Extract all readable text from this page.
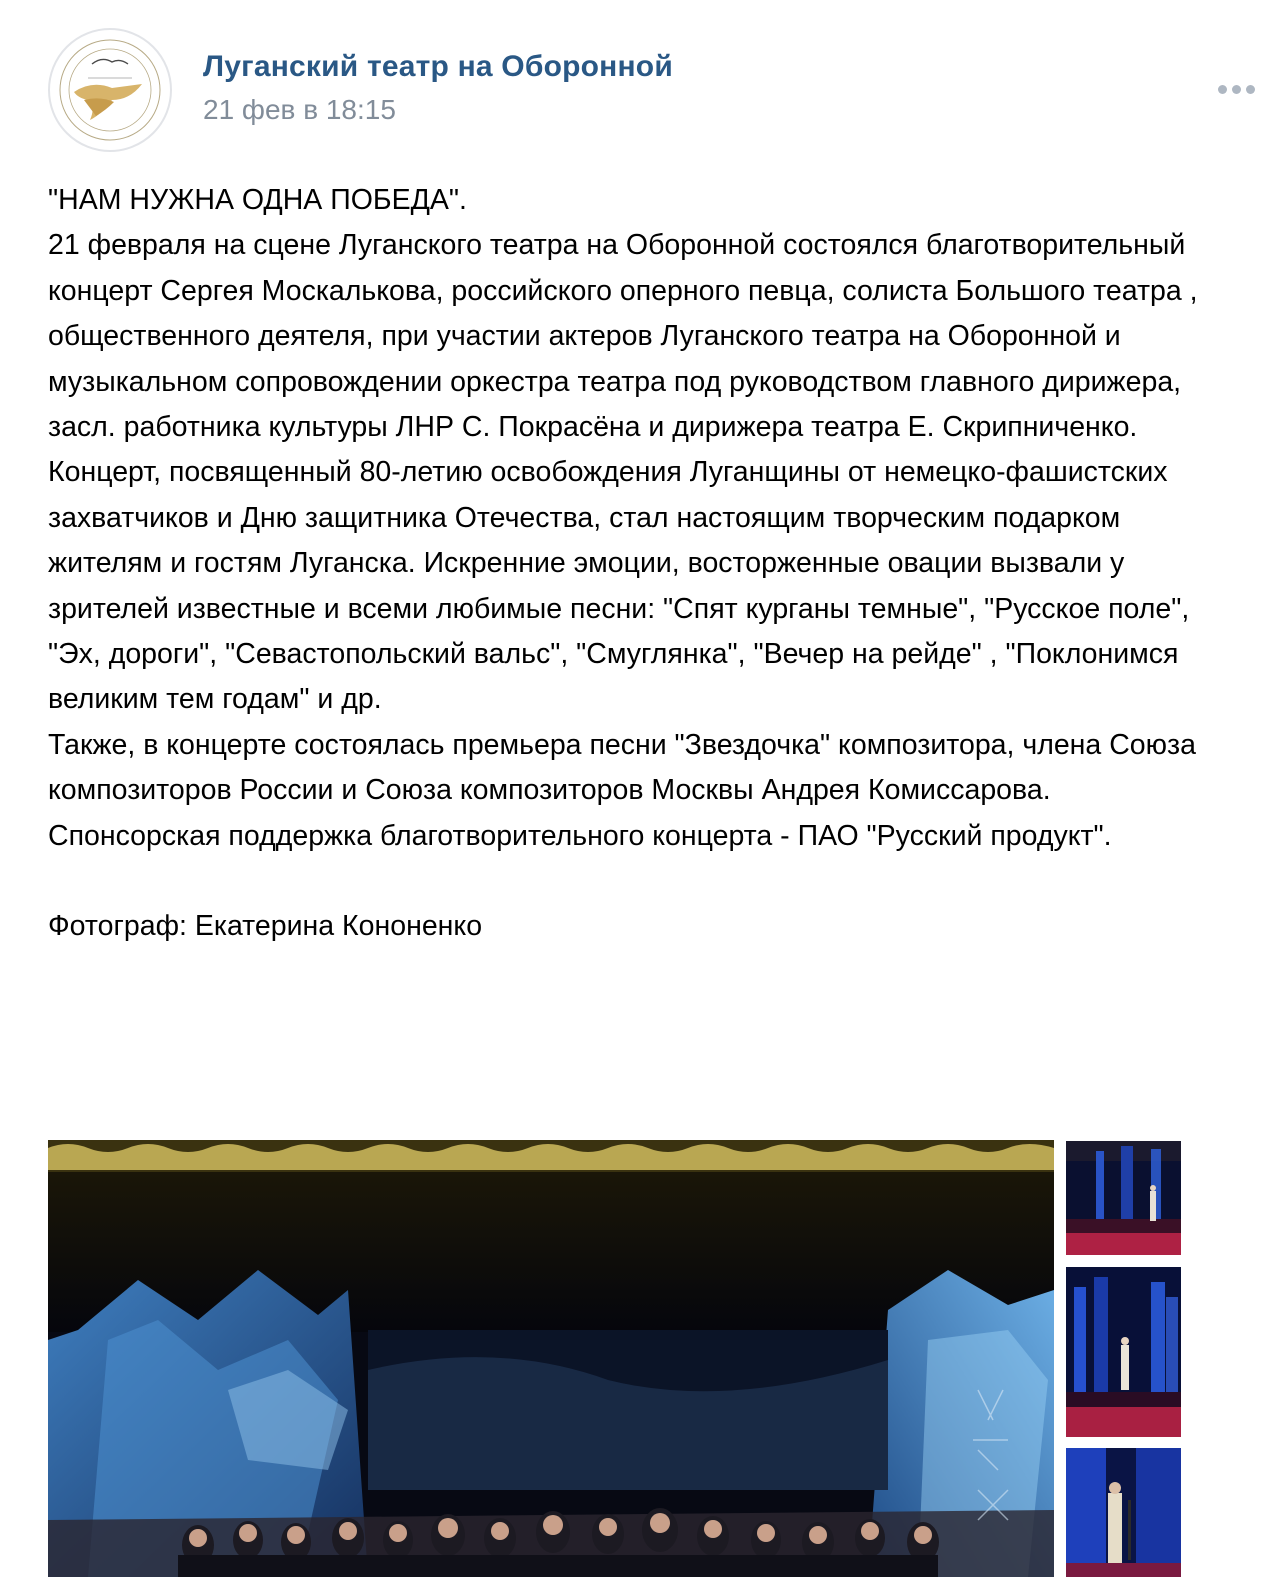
Луганский театр на Оборонной
21 фев в 18:15

"НАМ НУЖНА ОДНА ПОБЕДА".

21 февраля на сцене Луганского театра на Оборонной состоялся благотворительный концерт Сергея Москалькова, российского оперного певца, солиста Большого театра , общественного деятеля, при участии актеров Луганского театра на Оборонной и музыкальном сопровождении оркестра театра под руководством главного дирижера, засл. работника культуры ЛНР С. Покрасёна и дирижера театра Е. Скрипниченко.

Концерт, посвященный 80-летию освобождения Луганщины от немецко-фашистских захватчиков и Дню защитника Отечества, стал настоящим творческим подарком жителям и гостям Луганска. Искренние эмоции, восторженные овации вызвали у зрителей известные и всеми любимые песни: "Спят курганы темные", "Русское поле", "Эх, дороги", "Севастопольский вальс", "Смуглянка", "Вечер на рейде" , "Поклонимся великим тем годам" и др.

Также, в концерте состоялась премьера песни "Звездочка" композитора, члена Союза композиторов России и Союза композиторов Москвы Андрея Комиссарова.

Спонсорская поддержка благотворительного концерта - ПАО "Русский продукт".

Фотограф: Екатерина Кононенко
